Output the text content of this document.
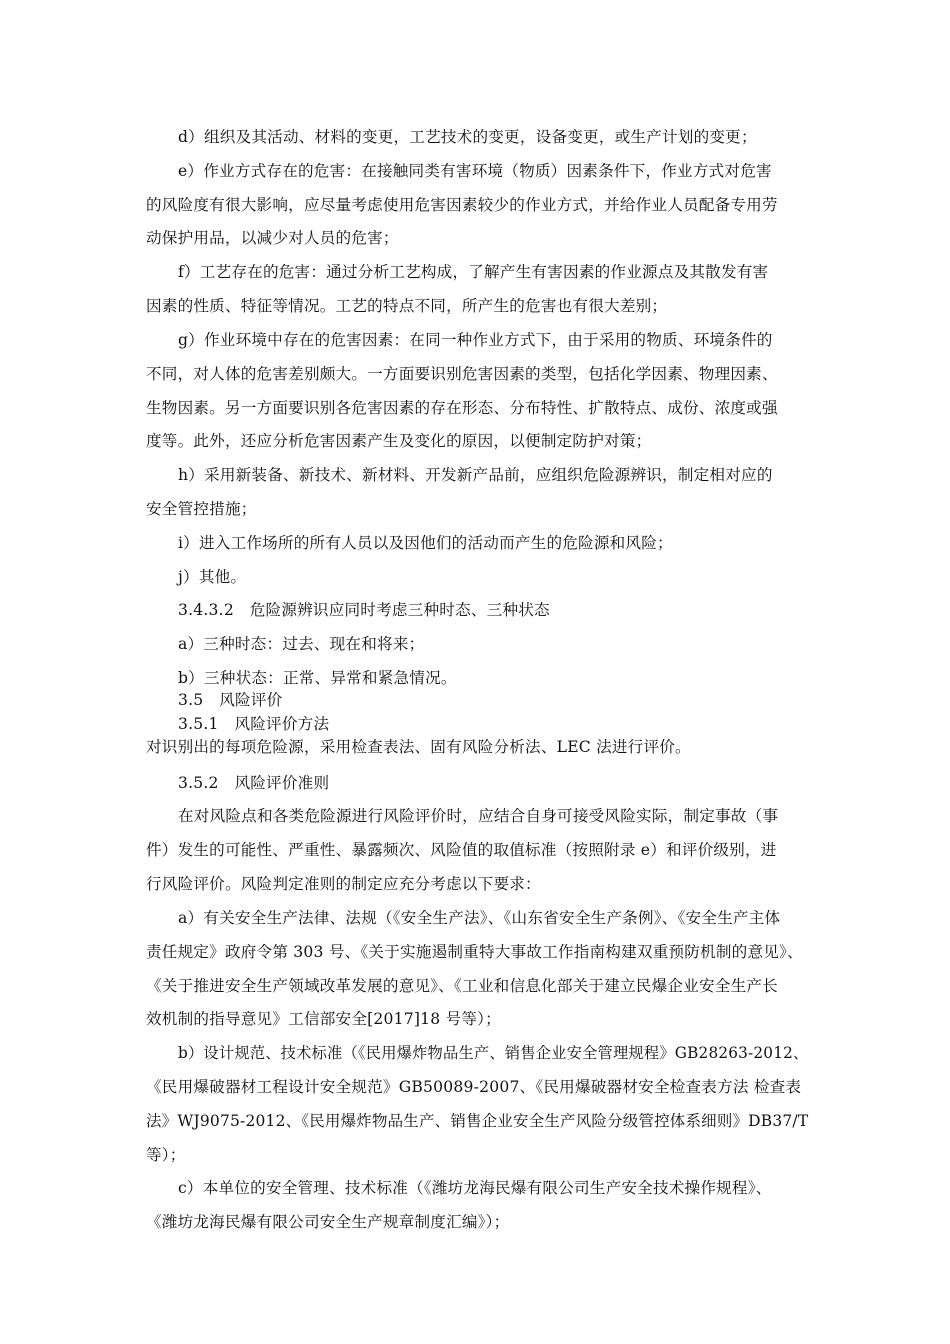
d）组织及其活动、材料的变更，工艺技术的变更，设备变更，或生产计划的变更；
e）作业方式存在的危害：在接触同类有害环境（物质）因素条件下，作业方式对危害
的风险度有很大影响，应尽量考虑使用危害因素较少的作业方式，并给作业人员配备专用劳
动保护用品，以减少对人员的危害；
f）工艺存在的危害：通过分析工艺构成，了解产生有害因素的作业源点及其散发有害
因素的性质、特征等情况。工艺的特点不同，所产生的危害也有很大差别；
g）作业环境中存在的危害因素：在同一种作业方式下，由于采用的物质、环境条件的
不同，对人体的危害差别颇大。一方面要识别危害因素的类型，包括化学因素、物理因素、
生物因素。另一方面要识别各危害因素的存在形态、分布特性、扩散特点、成份、浓度或强
度等。此外，还应分析危害因素产生及变化的原因，以便制定防护对策；
h）采用新装备、新技术、新材料、开发新产品前，应组织危险源辨识，制定相对应的
安全管控措施；
i）进入工作场所的所有人员以及因他们的活动而产生的危险源和风险；
j）其他。
3.4.3.2　危险源辨识应同时考虑三种时态、三种状态
a）三种时态：过去、现在和将来；
b）三种状态：正常、异常和紧急情况。
3.5　风险评价
3.5.1　风险评价方法
对识别出的每项危险源，采用检查表法、固有风险分析法、LEC 法进行评价。
3.5.2　风险评价准则
在对风险点和各类危险源进行风险评价时，应结合自身可接受风险实际，制定事故（事
件）发生的可能性、严重性、暴露频次、风险值的取值标准（按照附录 e）和评价级别，进
行风险评价。风险判定准则的制定应充分考虑以下要求：
a）有关安全生产法律、法规（《安全生产法》、《山东省安全生产条例》、《安全生产主体
责任规定》政府令第 303 号、《关于实施遏制重特大事故工作指南构建双重预防机制的意见》、
《关于推进安全生产领域改革发展的意见》、《工业和信息化部关于建立民爆企业安全生产长
效机制的指导意见》工信部安全[2017]18 号等）；
b）设计规范、技术标准（《民用爆炸物品生产、销售企业安全管理规程》GB28263-2012、
《民用爆破器材工程设计安全规范》GB50089-2007、《民用爆破器材安全检查表方法 检查表
法》WJ9075-2012、《民用爆炸物品生产、销售企业安全生产风险分级管控体系细则》DB37/T
等）；
c）本单位的安全管理、技术标准（《潍坊龙海民爆有限公司生产安全技术操作规程》、
《潍坊龙海民爆有限公司安全生产规章制度汇编》）；
